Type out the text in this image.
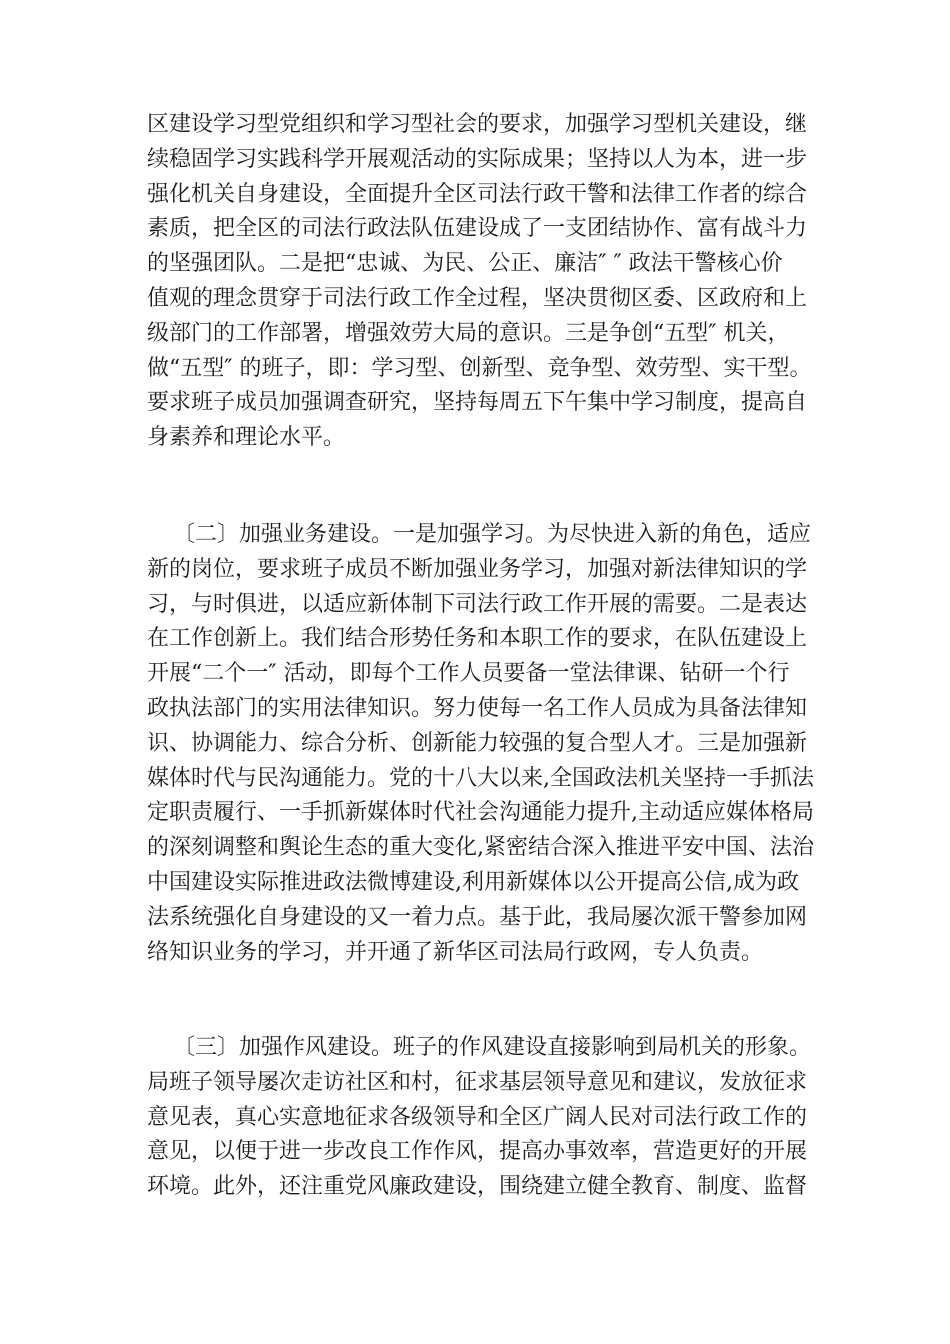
区建设学习型党组织和学习型社会的要求，加强学习型机关建设，继
续稳固学习实践科学开展观活动的实际成果；坚持以人为本，进一步
强化机关自身建设，全面提升全区司法行政干警和法律工作者的综合
素质，把全区的司法行政法队伍建设成了一支团结协作、富有战斗力
的坚强团队。二是把“忠诚、为民、公正、廉洁″ ″ 政法干警核心价
值观的理念贯穿于司法行政工作全过程，坚决贯彻区委、区政府和上
级部门的工作部署，增强效劳大局的意识。三是争创“五型″ 机关，
做“五型″ 的班子，即：学习型、创新型、竞争型、效劳型、实干型。
要求班子成员加强调查研究，坚持每周五下午集中学习制度，提高自
身素养和理论水平。
〔二〕加强业务建设。一是加强学习。为尽快进入新的角色，适应
新的岗位，要求班子成员不断加强业务学习，加强对新法律知识的学
习，与时俱进，以适应新体制下司法行政工作开展的需要。二是表达
在工作创新上。我们结合形势任务和本职工作的要求，在队伍建设上
开展“二个一″ 活动，即每个工作人员要备一堂法律课、钻研一个行
政执法部门的实用法律知识。努力使每一名工作人员成为具备法律知
识、协调能力、综合分析、创新能力较强的复合型人才。三是加强新
媒体时代与民沟通能力。党的十八大以来,全国政法机关坚持一手抓法
定职责履行、一手抓新媒体时代社会沟通能力提升,主动适应媒体格局
的深刻调整和舆论生态的重大变化,紧密结合深入推进平安中国、法治
中国建设实际推进政法微博建设,利用新媒体以公开提高公信,成为政
法系统强化自身建设的又一着力点。基于此，我局屡次派干警参加网
络知识业务的学习，并开通了新华区司法局行政网，专人负责。
〔三〕加强作风建设。班子的作风建设直接影响到局机关的形象。
局班子领导屡次走访社区和村，征求基层领导意见和建议，发放征求
意见表，真心实意地征求各级领导和全区广阔人民对司法行政工作的
意见，以便于进一步改良工作作风，提高办事效率，营造更好的开展
环境。此外，还注重党风廉政建设，围绕建立健全教育、制度、监督
